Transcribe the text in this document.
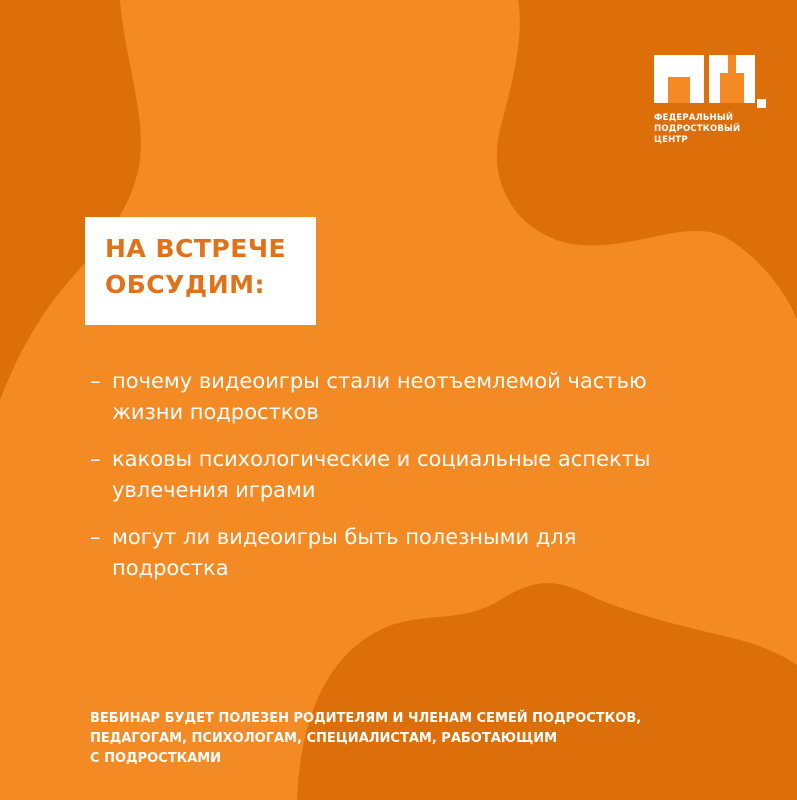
ФЕДЕРАЛЬНЫЙ
ПОДРОСТКОВЫЙ
ЦЕНТР
НА ВСТРЕЧЕ
ОБСУДИМ:
– почему видеоигры стали неотъемлемой частью
жизни подростков
– каковы психологические и социальные аспекты
увлечения играми
– могут ли видеоигры быть полезными для
подростка
ВЕБИНАР БУДЕТ ПОЛЕЗЕН РОДИТЕЛЯМ И ЧЛЕНАМ СЕМЕЙ ПОДРОСТКОВ,
ПЕДАГОГАМ, ПСИХОЛОГАМ, СПЕЦИАЛИСТАМ, РАБОТАЮЩИМ
С ПОДРОСТКАМИ
